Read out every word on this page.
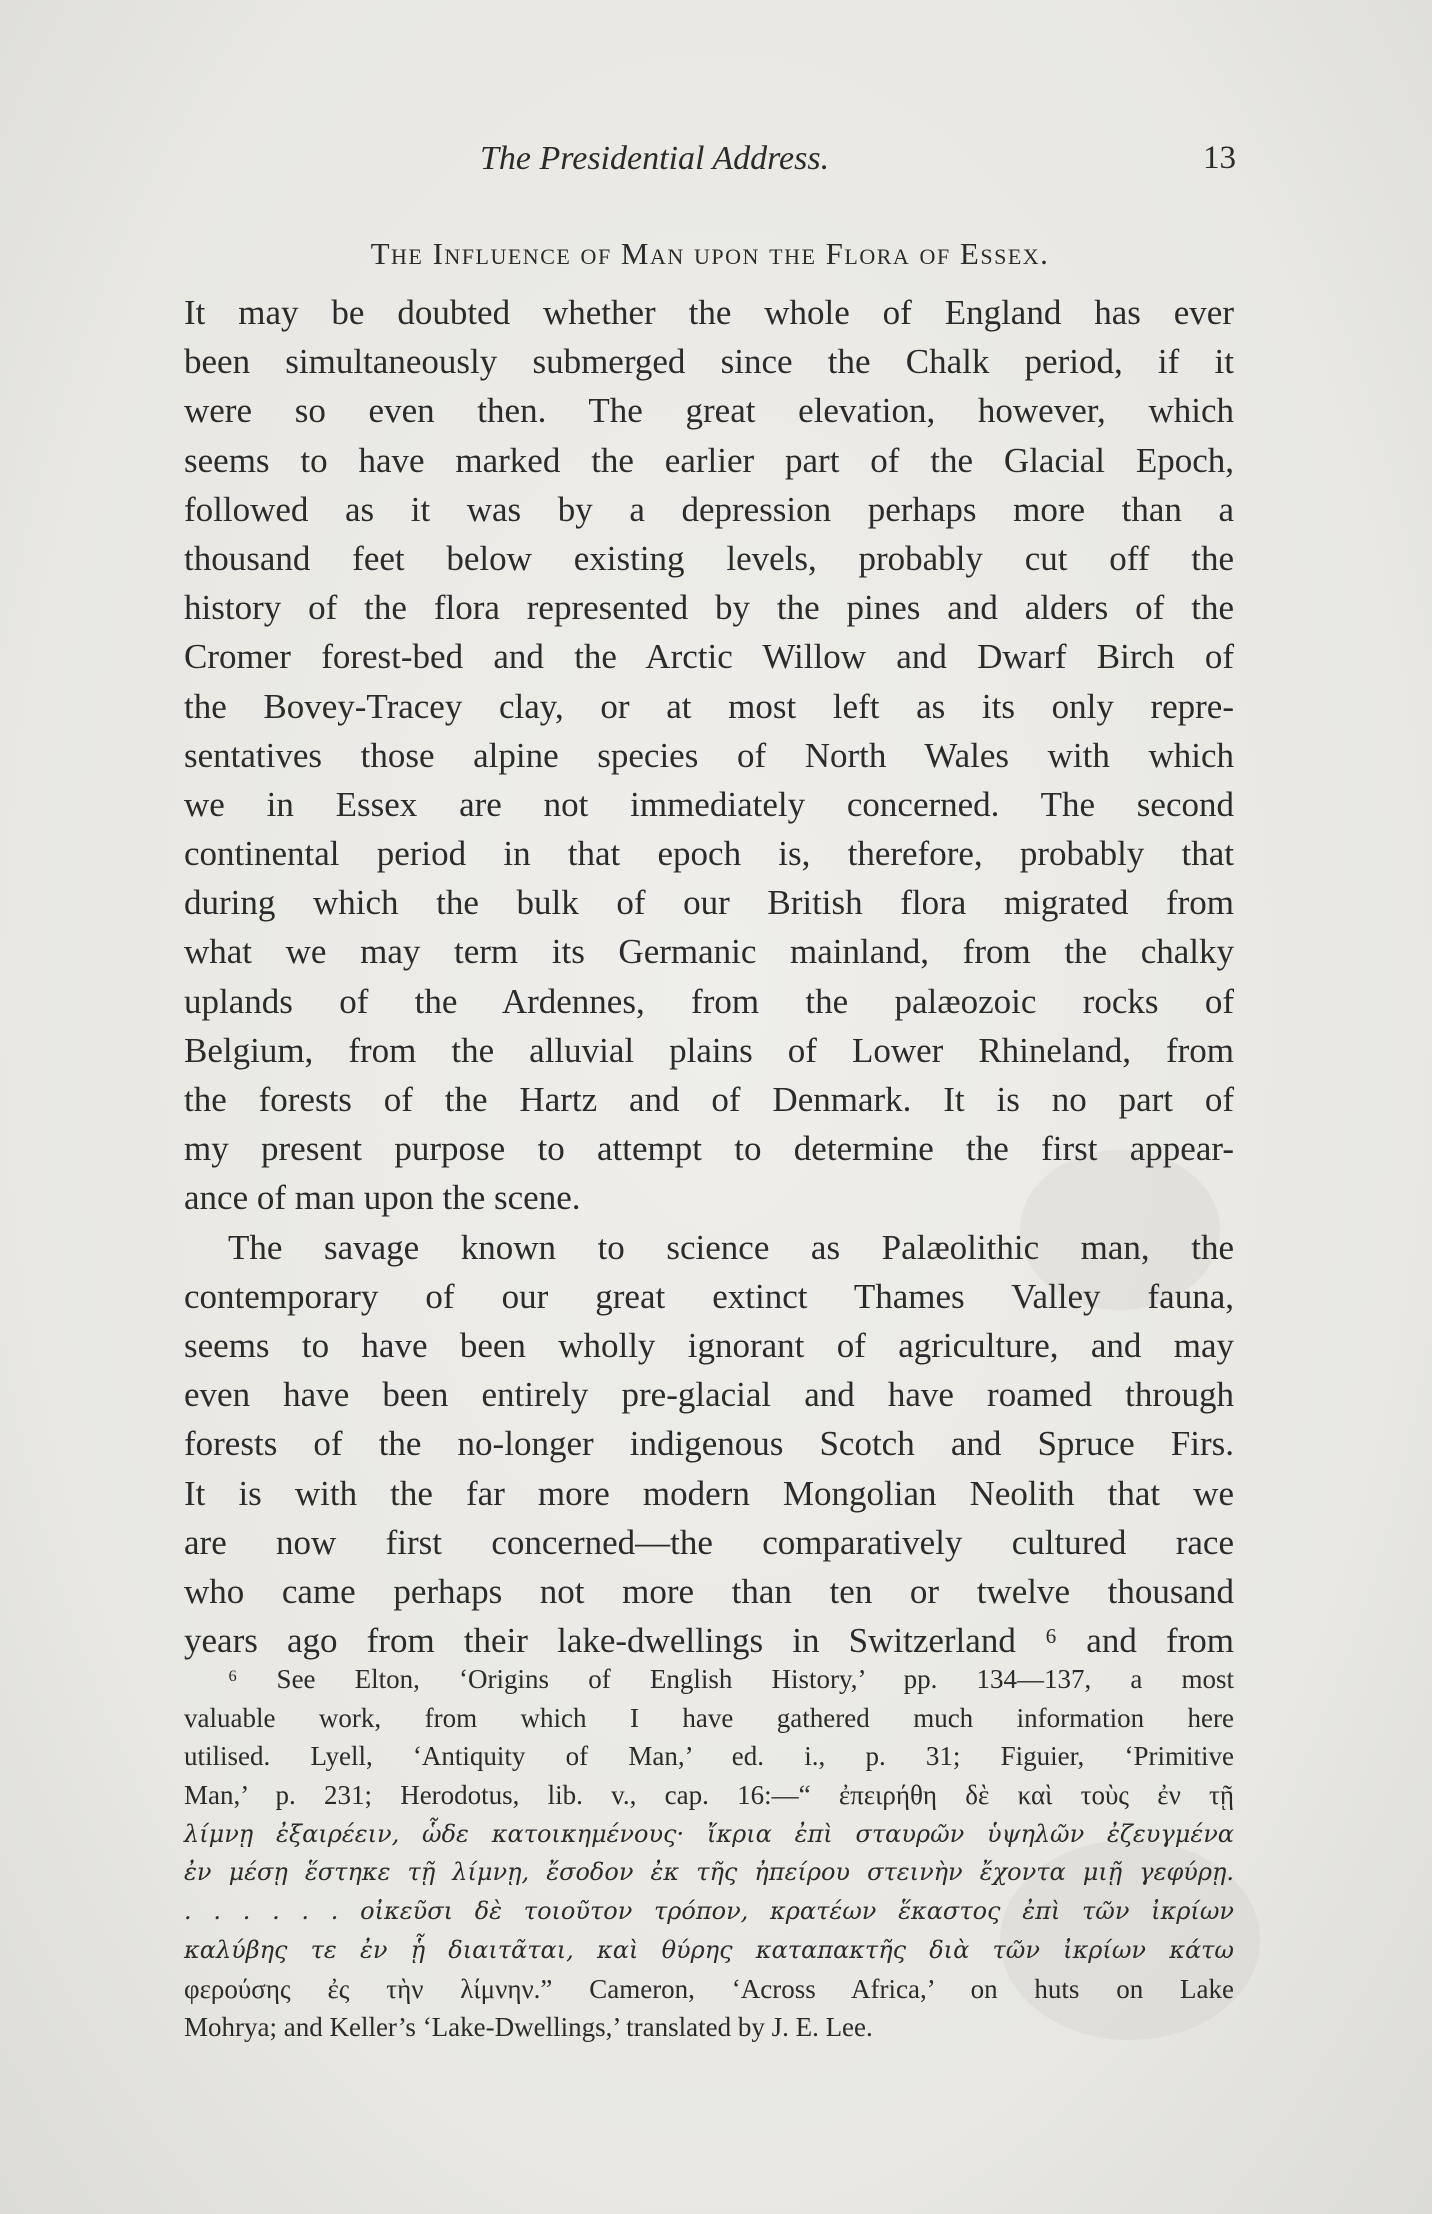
The Presidential Address.	13
The Influence of Man upon the Flora of Essex.
It may be doubted whether the whole of England has ever
been simultaneously submerged since the Chalk period, if it
were so even then. The great elevation, however, which
seems to have marked the earlier part of the Glacial Epoch,
followed as it was by a depression perhaps more than a
thousand feet below existing levels, probably cut off the
history of the flora represented by the pines and alders of the
Cromer forest-bed and the Arctic Willow and Dwarf Birch of
the Bovey-Tracey clay, or at most left as its only repre-
sentatives those alpine species of North Wales with which
we in Essex are not immediately concerned. The second
continental period in that epoch is, therefore, probably that
during which the bulk of our British flora migrated from
what we may term its Germanic mainland, from the chalky
uplands of the Ardennes, from the palæozoic rocks of
Belgium, from the alluvial plains of Lower Rhineland, from
the forests of the Hartz and of Denmark. It is no part of
my present purpose to attempt to determine the first appear-
ance of man upon the scene.
The savage known to science as Palæolithic man, the
contemporary of our great extinct Thames Valley fauna,
seems to have been wholly ignorant of agriculture, and may
even have been entirely pre-glacial and have roamed through
forests of the no-longer indigenous Scotch and Spruce Firs.
It is with the far more modern Mongolian Neolith that we
are now first concerned—the comparatively cultured race
who came perhaps not more than ten or twelve thousand
years ago from their lake-dwellings in Switzerland ⁶ and from
⁶ See Elton, ‘Origins of English History,’ pp. 134—137, a most
valuable work, from which I have gathered much information here
utilised. Lyell, ‘Antiquity of Man,’ ed. i., p. 31; Figuier, ‘Primitive
Man,’ p. 231; Herodotus, lib. v., cap. 16:—“ ἐπειρήθη δὲ καὶ τοὺς ἐν τῇ
λίμνῃ ἐξαιρέειν, ὧδε κατοικημένους· ἴκρια ἐπὶ σταυρῶν ὑψηλῶν ἐζευγμένα
ἐν μέσῃ ἕστηκε τῇ λίμνῃ, ἔσοδον ἐκ τῆς ἠπείρου στεινὴν ἔχοντα μιῇ γεφύρῃ.
. . . . . . οἰκεῦσι δὲ τοιοῦτον τρόπον, κρατέων ἕκαστος ἐπὶ τῶν ἰκρίων
καλύβης τε ἐν ᾗ διαιτᾶται, καὶ θύρης καταπακτῆς διὰ τῶν ἰκρίων κάτω
φερούσης ἐς τὴν λίμνην.” Cameron, ‘Across Africa,’ on huts on Lake
Mohrya; and Keller’s ‘Lake-Dwellings,’ translated by J. E. Lee.
